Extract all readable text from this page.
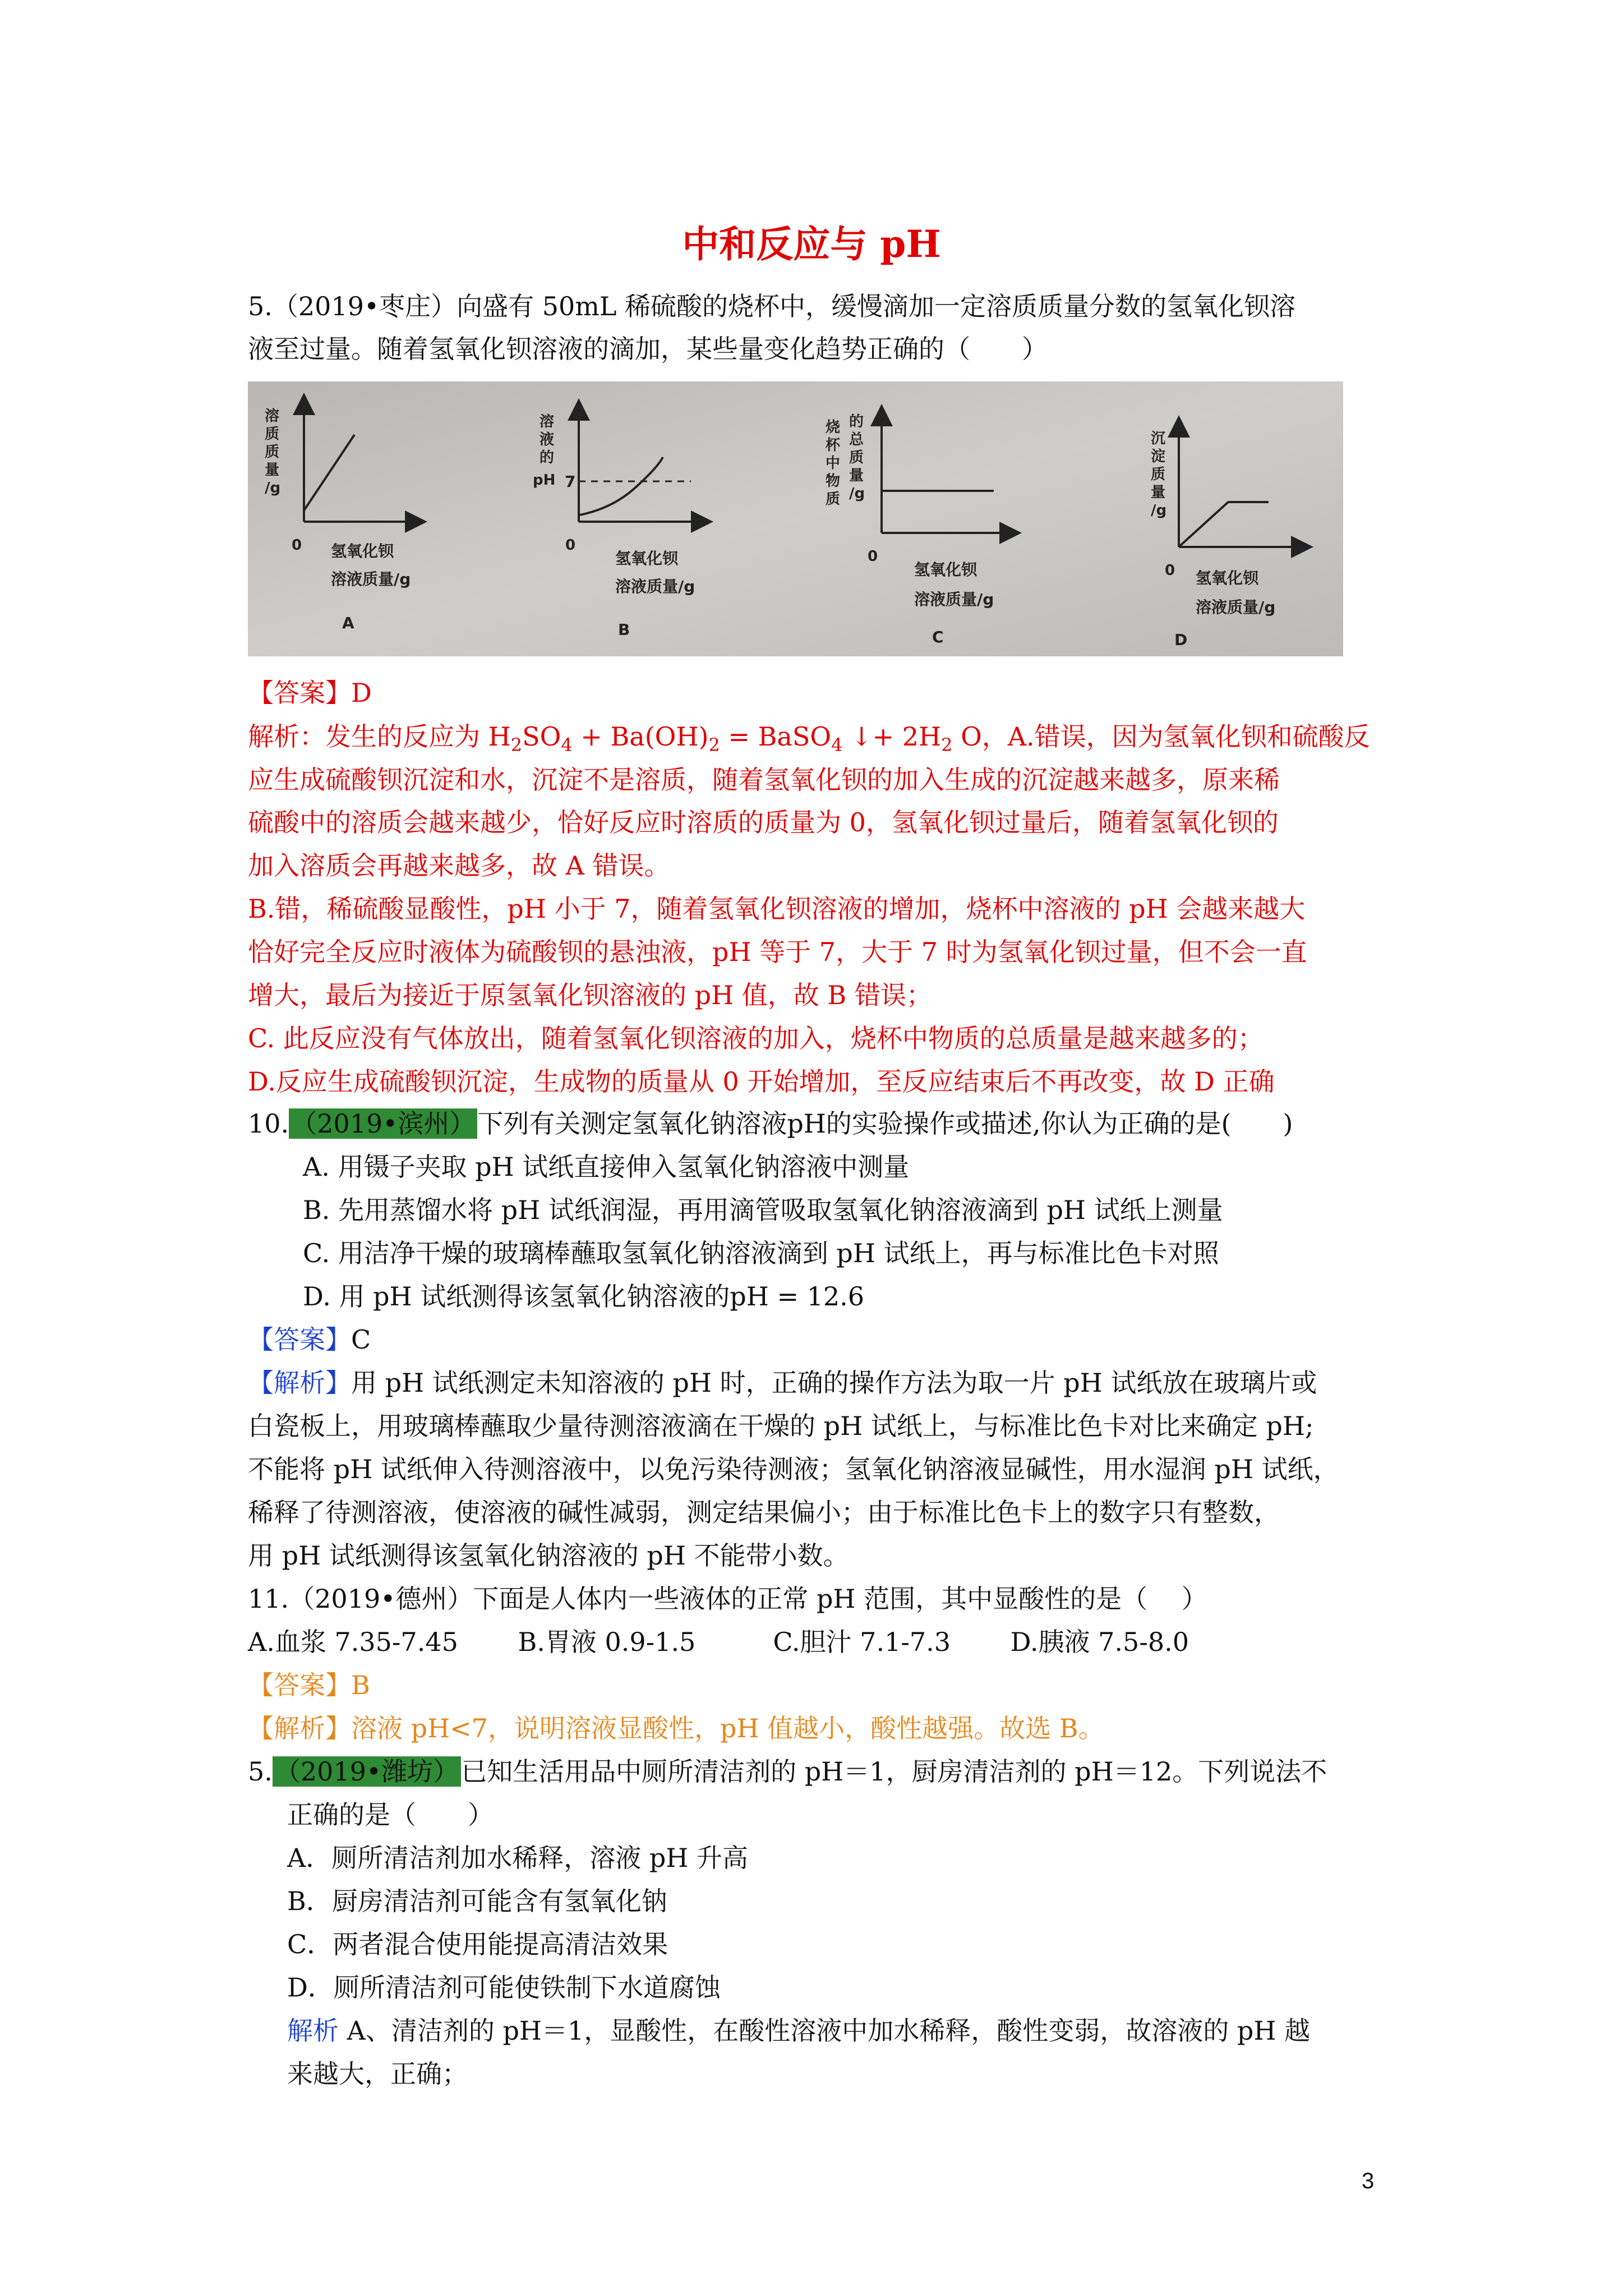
中和反应与 pH
5.（2019•枣庄）向盛有 50mL 稀硫酸的烧杯中，缓慢滴加一定溶质质量分数的氢氧化钡溶
液至过量。随着氢氧化钡溶液的滴加，某些量变化趋势正确的（　　）
溶 质 质 量 /g
0 氢氧化钡
溶液质量/g
A
溶 液 的 pH 7
0
氢氧化钡
溶液质量/g
B
烧 杯 中 物 质
的 总 质 量 /g
0
氢氧化钡
溶液质量/g
C
沉 淀 质 量 /g
0 氢氧化钡
溶液质量/g
D
【答案】D
解析：发生的反应为 $H_2SO_4 + Ba(OH)_2$ = BaSO$_4$ ↓+ $2H_2$ O，A.错误，因为氢氧化钡和硫酸反
应生成硫酸钡沉淀和水，沉淀不是溶质，随着氢氧化钡的加入生成的沉淀越来越多，原来稀
硫酸中的溶质会越来越少，恰好反应时溶质的质量为 0，氢氧化钡过量后，随着氢氧化钡的
加入溶质会再越来越多，故 A 错误。
B.错，稀硫酸显酸性，pH 小于 7，随着氢氧化钡溶液的增加，烧杯中溶液的 pH 会越来越大
恰好完全反应时液体为硫酸钡的悬浊液，pH 等于 7，大于 7 时为氢氧化钡过量，但不会一直
增大，最后为接近于原氢氧化钡溶液的 pH 值，故 B 错误；
C. 此反应没有气体放出，随着氢氧化钡溶液的加入，烧杯中物质的总质量是越来越多的；
D.反应生成硫酸钡沉淀，生成物的质量从 0 开始增加，至反应结束后不再改变，故 D 正确
10.（2019•滨州）下列有关测定氢氧化钠溶液pH的实验操作或描述,你认为正确的是(　　)
A. 用镊子夹取 pH 试纸直接伸入氢氧化钠溶液中测量
B. 先用蒸馏水将 pH 试纸润湿，再用滴管吸取氢氧化钠溶液滴到 pH 试纸上测量
C. 用洁净干燥的玻璃棒蘸取氢氧化钠溶液滴到 pH 试纸上，再与标准比色卡对照
D. 用 pH 试纸测得该氢氧化钠溶液的pH = 12.6
【答案】C
【解析】用 pH 试纸测定未知溶液的 pH 时，正确的操作方法为取一片 pH 试纸放在玻璃片或
白瓷板上，用玻璃棒蘸取少量待测溶液滴在干燥的 pH 试纸上，与标准比色卡对比来确定 pH;
不能将 pH 试纸伸入待测溶液中，以免污染待测液；氢氧化钠溶液显碱性，用水湿润 pH 试纸，
稀释了待测溶液，使溶液的碱性减弱，测定结果偏小；由于标准比色卡上的数字只有整数，
用 pH 试纸测得该氢氧化钠溶液的 pH 不能带小数。
11.（2019•德州）下面是人体内一些液体的正常 pH 范围，其中显酸性的是（　 ）
A.血浆 7.35-7.45　　 B.胃液 0.9-1.5　　　C.胆汁 7.1-7.3　　 D.胰液 7.5-8.0
【答案】B
【解析】溶液 pH<7，说明溶液显酸性，pH 值越小，酸性越强。故选 B。
5.（2019•潍坊）已知生活用品中厕所清洁剂的 pH＝1，厨房清洁剂的 pH＝12。下列说法不
正确的是（　　）
A．厕所清洁剂加水稀释，溶液 pH 升高
B．厨房清洁剂可能含有氢氧化钠
C．两者混合使用能提高清洁效果
D．厕所清洁剂可能使铁制下水道腐蚀
解析 A、清洁剂的 pH＝1，显酸性，在酸性溶液中加水稀释，酸性变弱，故溶液的 pH 越
来越大，正确；
3
